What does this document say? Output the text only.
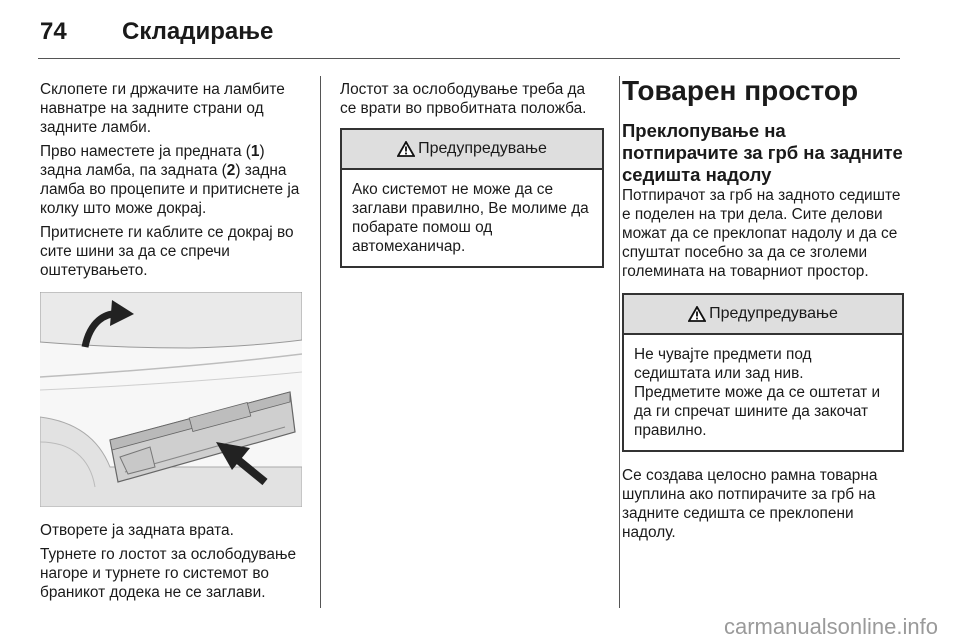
74 Складирање

Склопете ги држачите на ламбите навнатре на задните страни од задните ламби.

Прво наместете ја предната (1) задна ламба, па задната (2) задна ламба во процепите и притиснете ја колку што може докрај.

Притиснете ги каблите се докрај во сите шини за да се спречи оштетувањето.

Отворете ја задната врата.

Турнете го лостот за ослободување нагоре и турнете го системот во браникот додека не се заглави.

Лостот за ослободување треба да се врати во првобитната положба.

Предупредување

Ако системот не може да се заглави правилно, Ве молиме да побарате помош од автомеханичар.

Товарен простор
Преклопување на потпирачите за грб на задните седишта надолу

Потпирачот за грб на задното седиште е поделен на три дела. Сите делови можат да се преклопат надолу и да се спуштат посебно за да се зголеми големината на товарниот простор.

Предупредување

Не чувајте предмети под седиштата или зад нив. Предметите може да се оштетат и да ги спречат шините да закочат правилно.

Се создава целосно рамна товарна шуплина ако потпирачите за грб на задните седишта се преклопени надолу.

carmanualsonline.info
